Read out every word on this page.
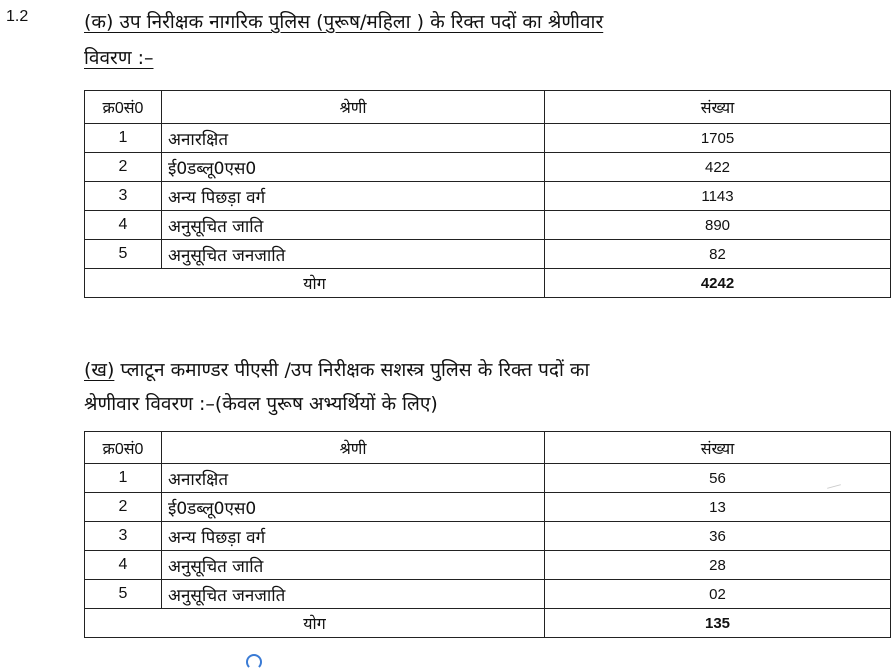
1.2	(क) उप निरीक्षक नागरिक पुलिस (पुरूष/महिला ) के रिक्त पदों का श्रेणीवार
विवरण :–
क्र0सं0	श्रेणी	संख्या
1	अनारक्षित	1705
2	ई0डब्लू0एस0	422
3	अन्य पिछड़ा वर्ग	1143
4	अनुसूचित जाति	890
5	अनुसूचित जनजाति	82
योग		4242
(ख) प्लाटून कमाण्डर पीएसी /उप निरीक्षक सशस्त्र पुलिस के रिक्त पदों का
श्रेणीवार विवरण :–(केवल पुरूष अभ्यर्थियों के लिए)
क्र0सं0	श्रेणी	संख्या
1	अनारक्षित	56
2	ई0डब्लू0एस0	13
3	अन्य पिछड़ा वर्ग	36
4	अनुसूचित जाति	28
5	अनुसूचित जनजाति	02
योग		135
